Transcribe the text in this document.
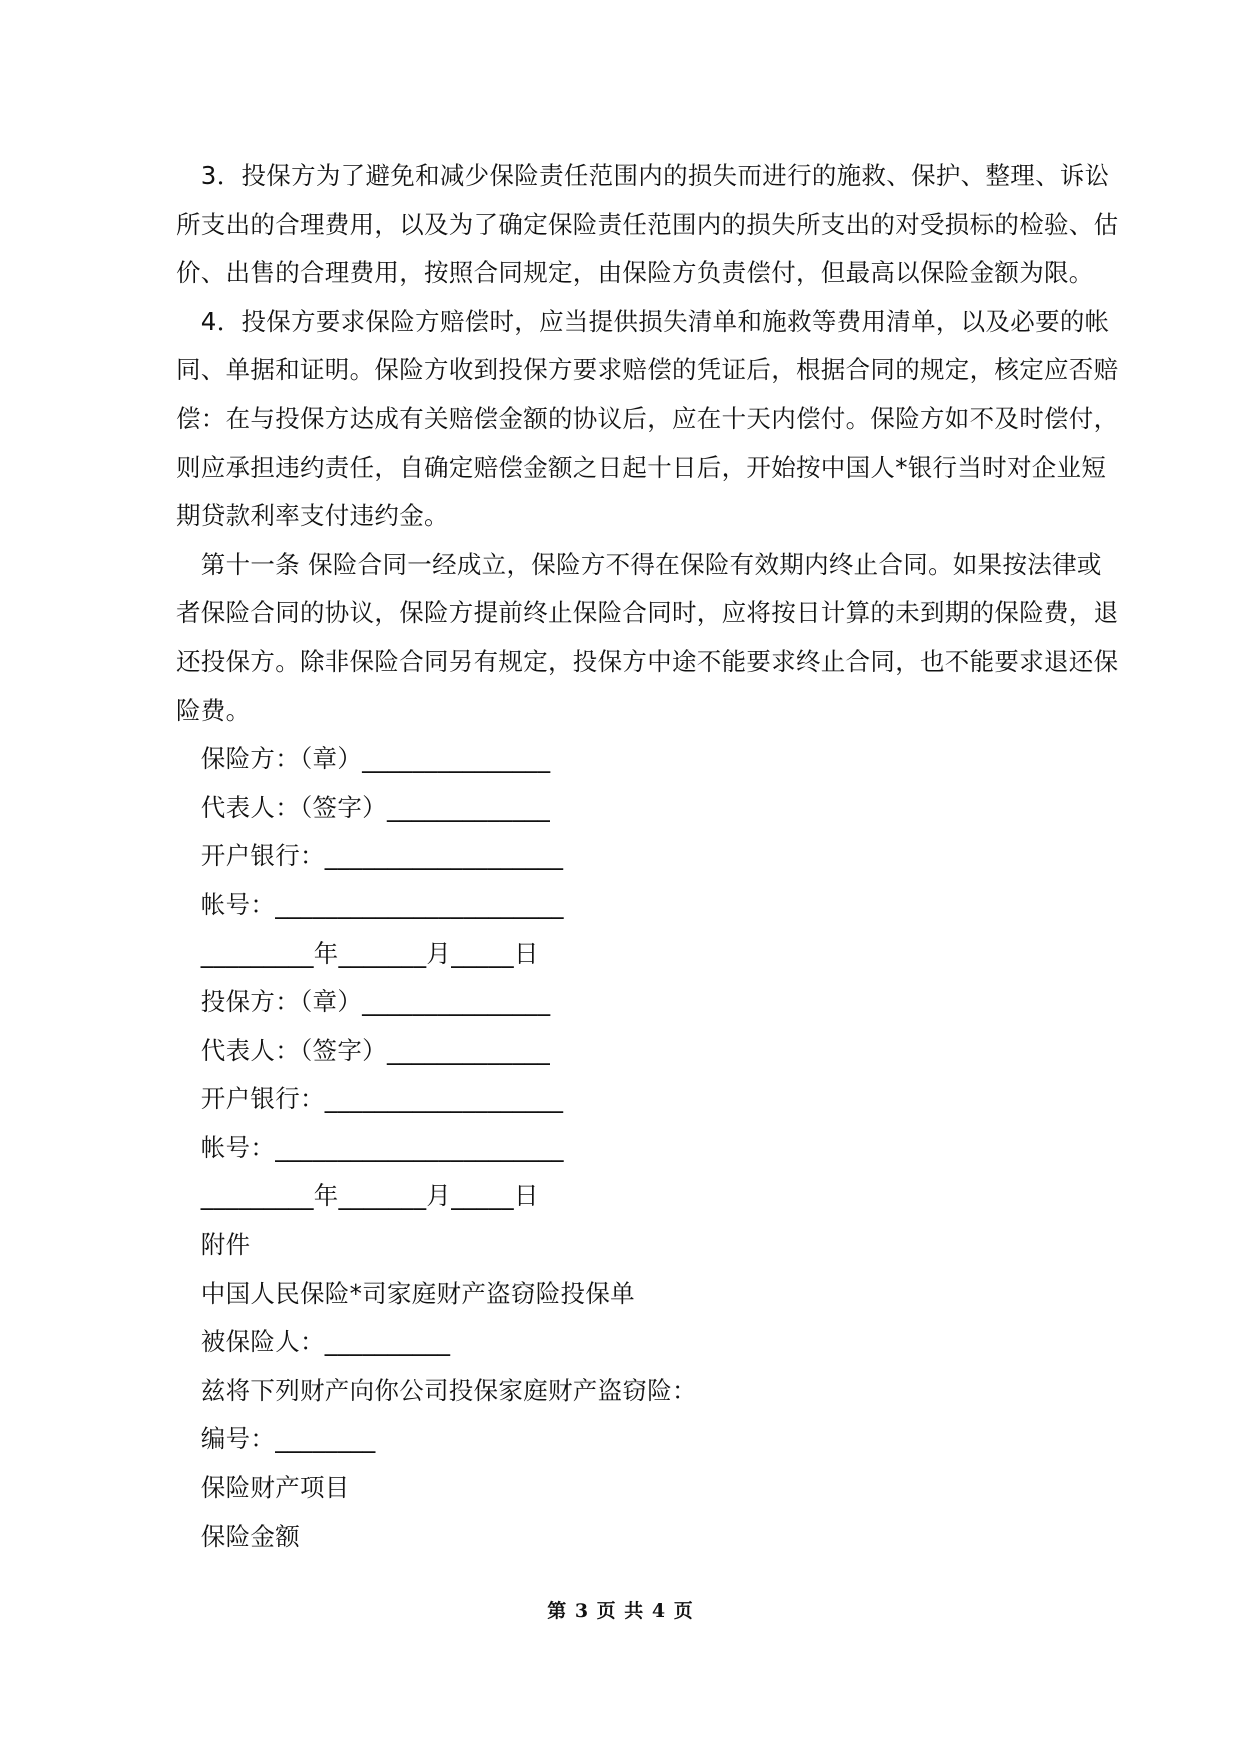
　3．投保方为了避免和减少保险责任范围内的损失而进行的施救、保护、整理、诉讼
所支出的合理费用，以及为了确定保险责任范围内的损失所支出的对受损标的检验、估
价、出售的合理费用，按照合同规定，由保险方负责偿付，但最高以保险金额为限。
　4．投保方要求保险方赔偿时，应当提供损失清单和施救等费用清单，以及必要的帐
同、单据和证明。保险方收到投保方要求赔偿的凭证后，根据合同的规定，核定应否赔
偿：在与投保方达成有关赔偿金额的协议后，应在十天内偿付。保险方如不及时偿付，
则应承担违约责任，自确定赔偿金额之日起十日后，开始按中国人*银行当时对企业短
期贷款利率支付违约金。
　第十一条 保险合同一经成立，保险方不得在保险有效期内终止合同。如果按法律或
者保险合同的协议，保险方提前终止保险合同时，应将按日计算的未到期的保险费，退
还投保方。除非保险合同另有规定，投保方中途不能要求终止合同，也不能要求退还保
险费。
　保险方：（章）_______________
　代表人：（签字）_____________
　开户银行：___________________
　帐号：_______________________
　_________年_______月_____日
　投保方：（章）_______________
　代表人：（签字）_____________
　开户银行：___________________
　帐号：_______________________
　_________年_______月_____日
　附件
　中国人民保险*司家庭财产盗窃险投保单
　被保险人：__________
　兹将下列财产向你公司投保家庭财产盗窃险：
　编号：________
　保险财产项目
　保险金额
第 3 页 共 4 页
